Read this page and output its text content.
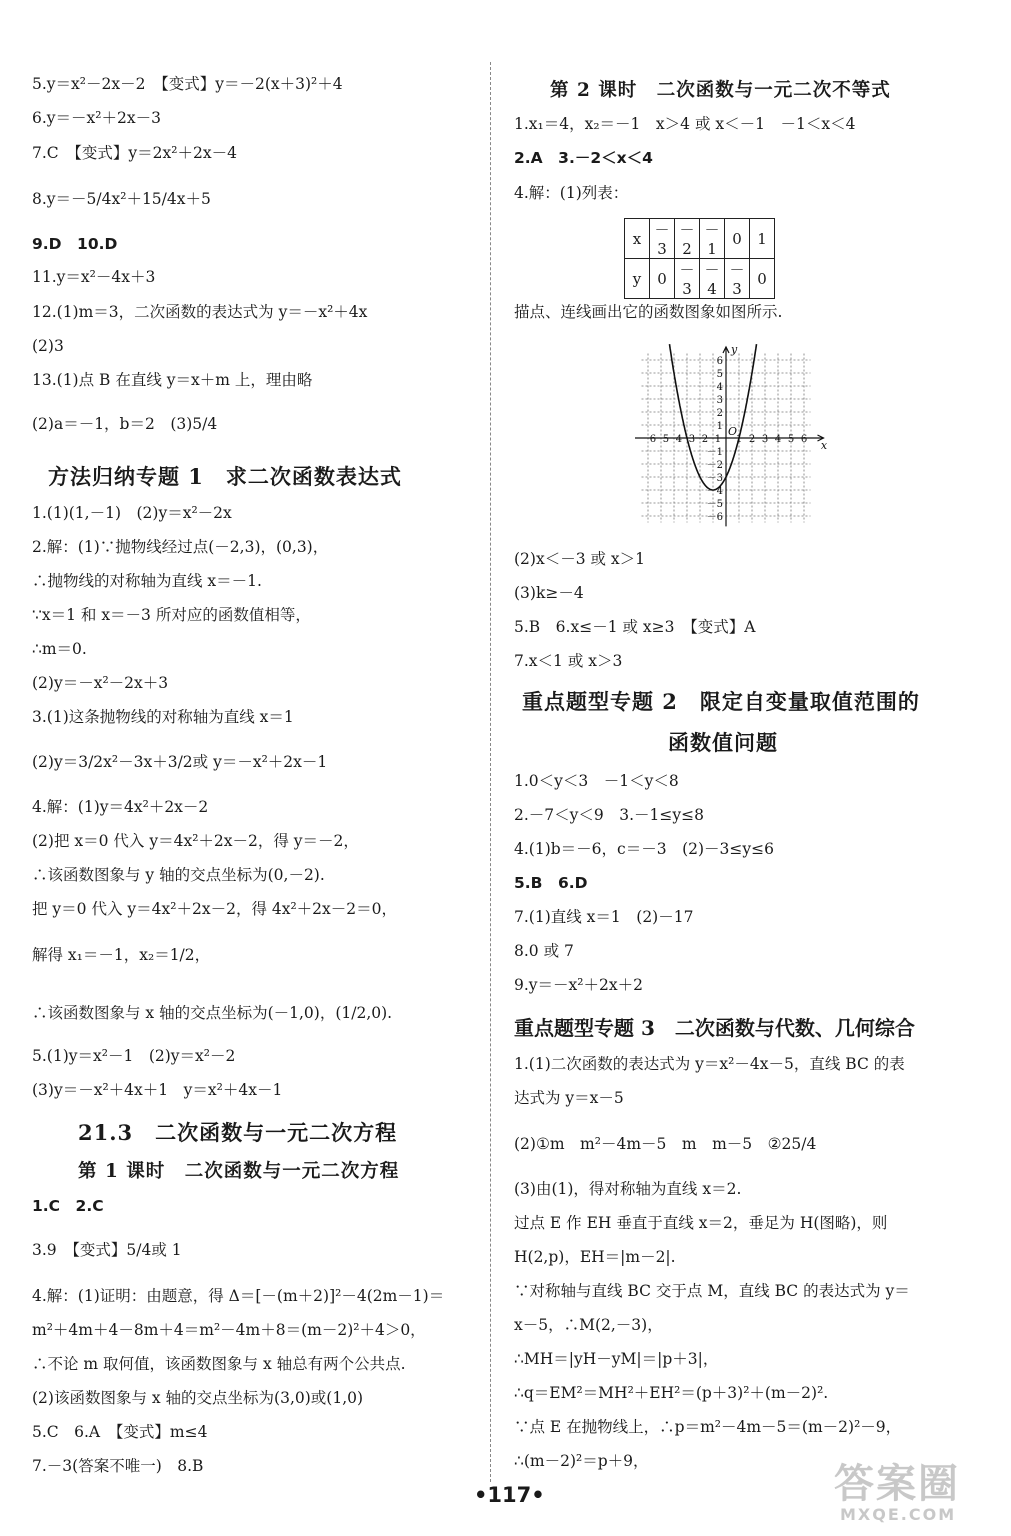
5.y＝x²－2x－2　【变式】y＝－2(x＋3)²＋4
6.y＝－x²＋2x－3
7.C　【变式】y＝2x²＋2x－4
8.y＝－5/4x²＋15/4x＋5
9.D　10.D
11.y＝x²－4x＋3
12.(1)m＝3，二次函数的表达式为 y＝－x²＋4x
(2)3
13.(1)点 B 在直线 y＝x＋m 上，理由略
(2)a＝－1，b＝2　(3)5/4
方法归纳专题 1　求二次函数表达式
1.(1)(1,－1)　(2)y＝x²－2x
2.解：(1)∵抛物线经过点(－2,3)，(0,3)，
∴抛物线的对称轴为直线 x＝－1.
∵x＝1 和 x＝－3 所对应的函数值相等，
∴m＝0.
(2)y＝－x²－2x＋3
3.(1)这条抛物线的对称轴为直线 x＝1
(2)y＝3/2x²－3x＋3/2或 y＝－x²＋2x－1
4.解：(1)y＝4x²＋2x－2
(2)把 x＝0 代入 y＝4x²＋2x－2，得 y＝－2，
∴该函数图象与 y 轴的交点坐标为(0,－2).
把 y＝0 代入 y＝4x²＋2x－2，得 4x²＋2x－2＝0，
解得 x₁＝－1，x₂＝1/2，
∴该函数图象与 x 轴的交点坐标为(－1,0)，(1/2,0).
5.(1)y＝x²－1　(2)y＝x²－2
(3)y＝－x²＋4x＋1　y＝x²＋4x－1
21.3　二次函数与一元二次方程
第 1 课时　二次函数与一元二次方程
1.C　2.C
3.9　【变式】5/4或 1
4.解：(1)证明：由题意，得 Δ＝[－(m＋2)]²－4(2m－1)＝
m²＋4m＋4－8m＋4＝m²－4m＋8＝(m－2)²＋4＞0，
∴不论 m 取何值，该函数图象与 x 轴总有两个公共点.
(2)该函数图象与 x 轴的交点坐标为(3,0)或(1,0)
5.C　6.A　【变式】m≤4
7.－3(答案不唯一)　8.B
第 2 课时　二次函数与一元二次不等式
1.x₁＝4，x₂＝－1　x＞4 或 x＜－1　－1＜x＜4
2.A　3.－2＜x＜4
4.解：(1)列表：
x	－3	－2	－1	0	1
y	0	－3	－4	－3	0
描点、连线画出它的函数图象如图所示.
－6
－5
－4
－3
－2
－1 1 2 3 4 5 6
6
5
4
3
2
1
－1
－2
－3
－4
－5
－6
x
y
O
(2)x＜－3 或 x＞1
(3)k≥－4
5.B　6.x≤－1 或 x≥3　【变式】A
7.x＜1 或 x＞3
重点题型专题 2　限定自变量取值范围的
函数值问题
1.0＜y＜3　－1＜y＜8
2.－7＜y＜9　3.－1≤y≤8
4.(1)b＝－6，c＝－3　(2)－3≤y≤6
5.B　6.D
7.(1)直线 x＝1　(2)－17
8.0 或 7
9.y＝－x²＋2x＋2
重点题型专题 3　二次函数与代数、几何综合
1.(1)二次函数的表达式为 y＝x²－4x－5，直线 BC 的表
达式为 y＝x－5
(2)①m　m²－4m－5　m　m－5　②25/4
(3)由(1)，得对称轴为直线 x＝2.
过点 E 作 EH 垂直于直线 x＝2，垂足为 H(图略)，则
H(2,p)，EH＝|m－2|.
∵对称轴与直线 BC 交于点 M，直线 BC 的表达式为 y＝
x－5，∴M(2,－3)，
∴MH＝|yH－yM|＝|p＋3|，
∴q＝EM²＝MH²＋EH²＝(p＋3)²＋(m－2)².
∵点 E 在抛物线上，∴p＝m²－4m－5＝(m－2)²－9，
∴(m－2)²＝p＋9，
•117•	答案圈
MXQE.COM
